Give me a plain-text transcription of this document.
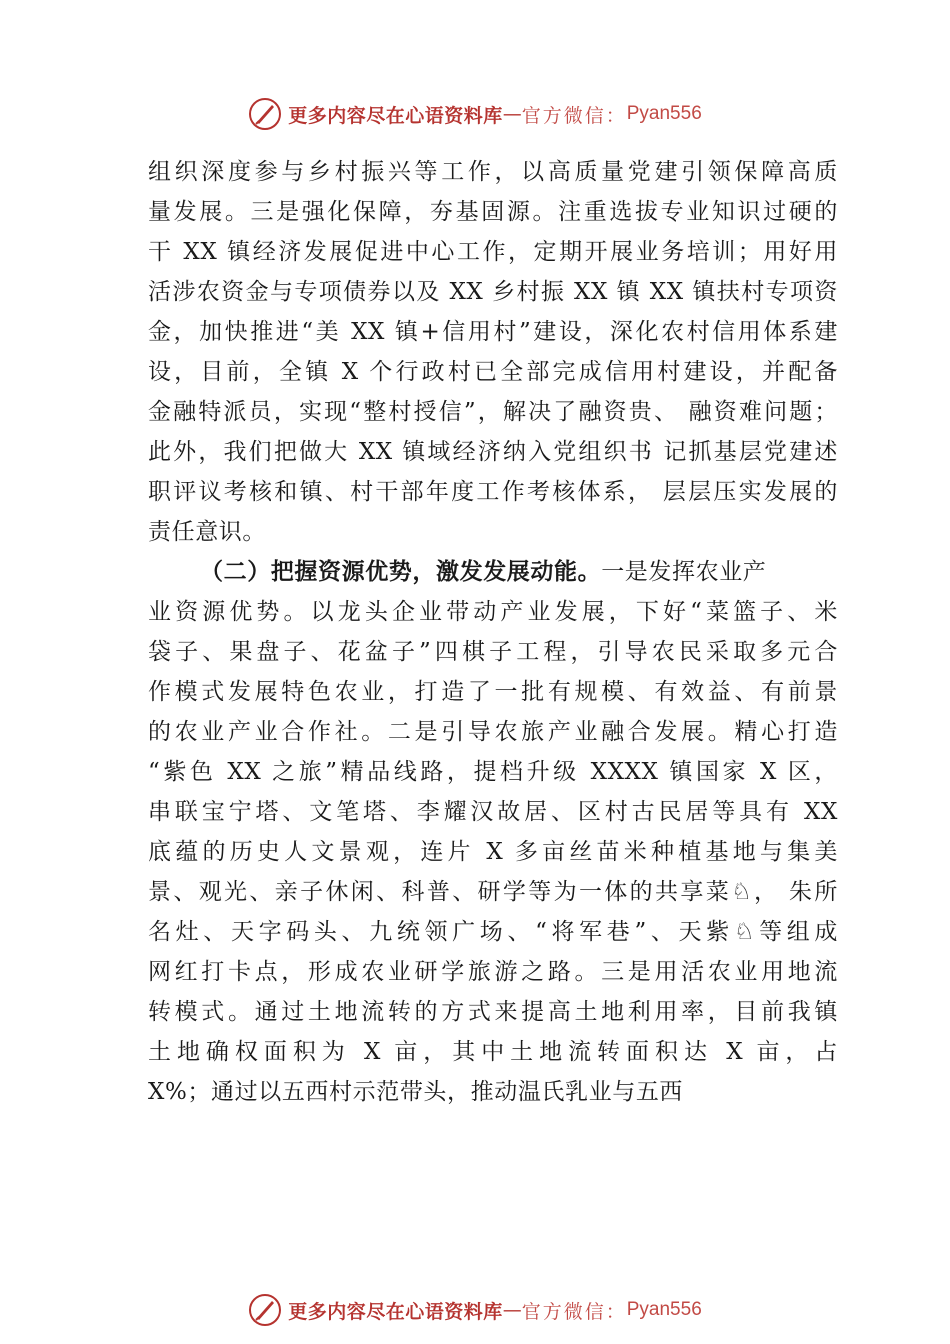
更多内容尽在心语资料库 — 官方微信： Pyan556
组织深度参与乡村振兴等工作，以高质量党建引领保障高质
量发展。三是强化保障，夯基固源。注重选拔专业知识过硬的
干 XX 镇经济发展促进中心工作，定期开展业务培训；用好用
活涉农资金与专项债券以及 XX 乡村振 XX 镇 XX 镇扶村专项资
金，加快推进“美 XX 镇+信用村”建设，深化农村信用体系建
设，目前，全镇 X 个行政村已全部完成信用村建设，并配备
金融特派员，实现“整村授信”，解决了融资贵、 融资难问题；
此外，我们把做大 XX 镇域经济纳入党组织书 记抓基层党建述
职评议考核和镇、村干部年度工作考核体系， 层层压实发展的
责任意识。
（二）把握资源优势，激发发展动能。一是发挥农业产
业资源优势。以龙头企业带动产业发展，下好“菜篮子、米
袋子、果盘子、花盆子”四棋子工程，引导农民采取多元合
作模式发展特色农业，打造了一批有规模、有效益、有前景
的农业产业合作社。二是引导农旅产业融合发展。精心打造
“紫色 XX 之旅”精品线路，提档升级 XXXX 镇国家 X 区，
串联宝宁塔、文笔塔、李耀汉故居、区村古民居等具有 XX
底蕴的历史人文景观，连片 X 多亩丝苗米种植基地与集美
景、观光、亲子休闲、科普、研学等为一体的共享菜♘， 朱所
名灶、天字码头、九统领广场、“将军巷”、天紫♘等组成
网红打卡点，形成农业研学旅游之路。三是用活农业用地流
转模式。通过土地流转的方式来提高土地利用率，目前我镇
土地确权面积为 X 亩，其中土地流转面积达 X 亩，占
X%；通过以五西村示范带头，推动温氏乳业与五西
更多内容尽在心语资料库 — 官方微信： Pyan556
